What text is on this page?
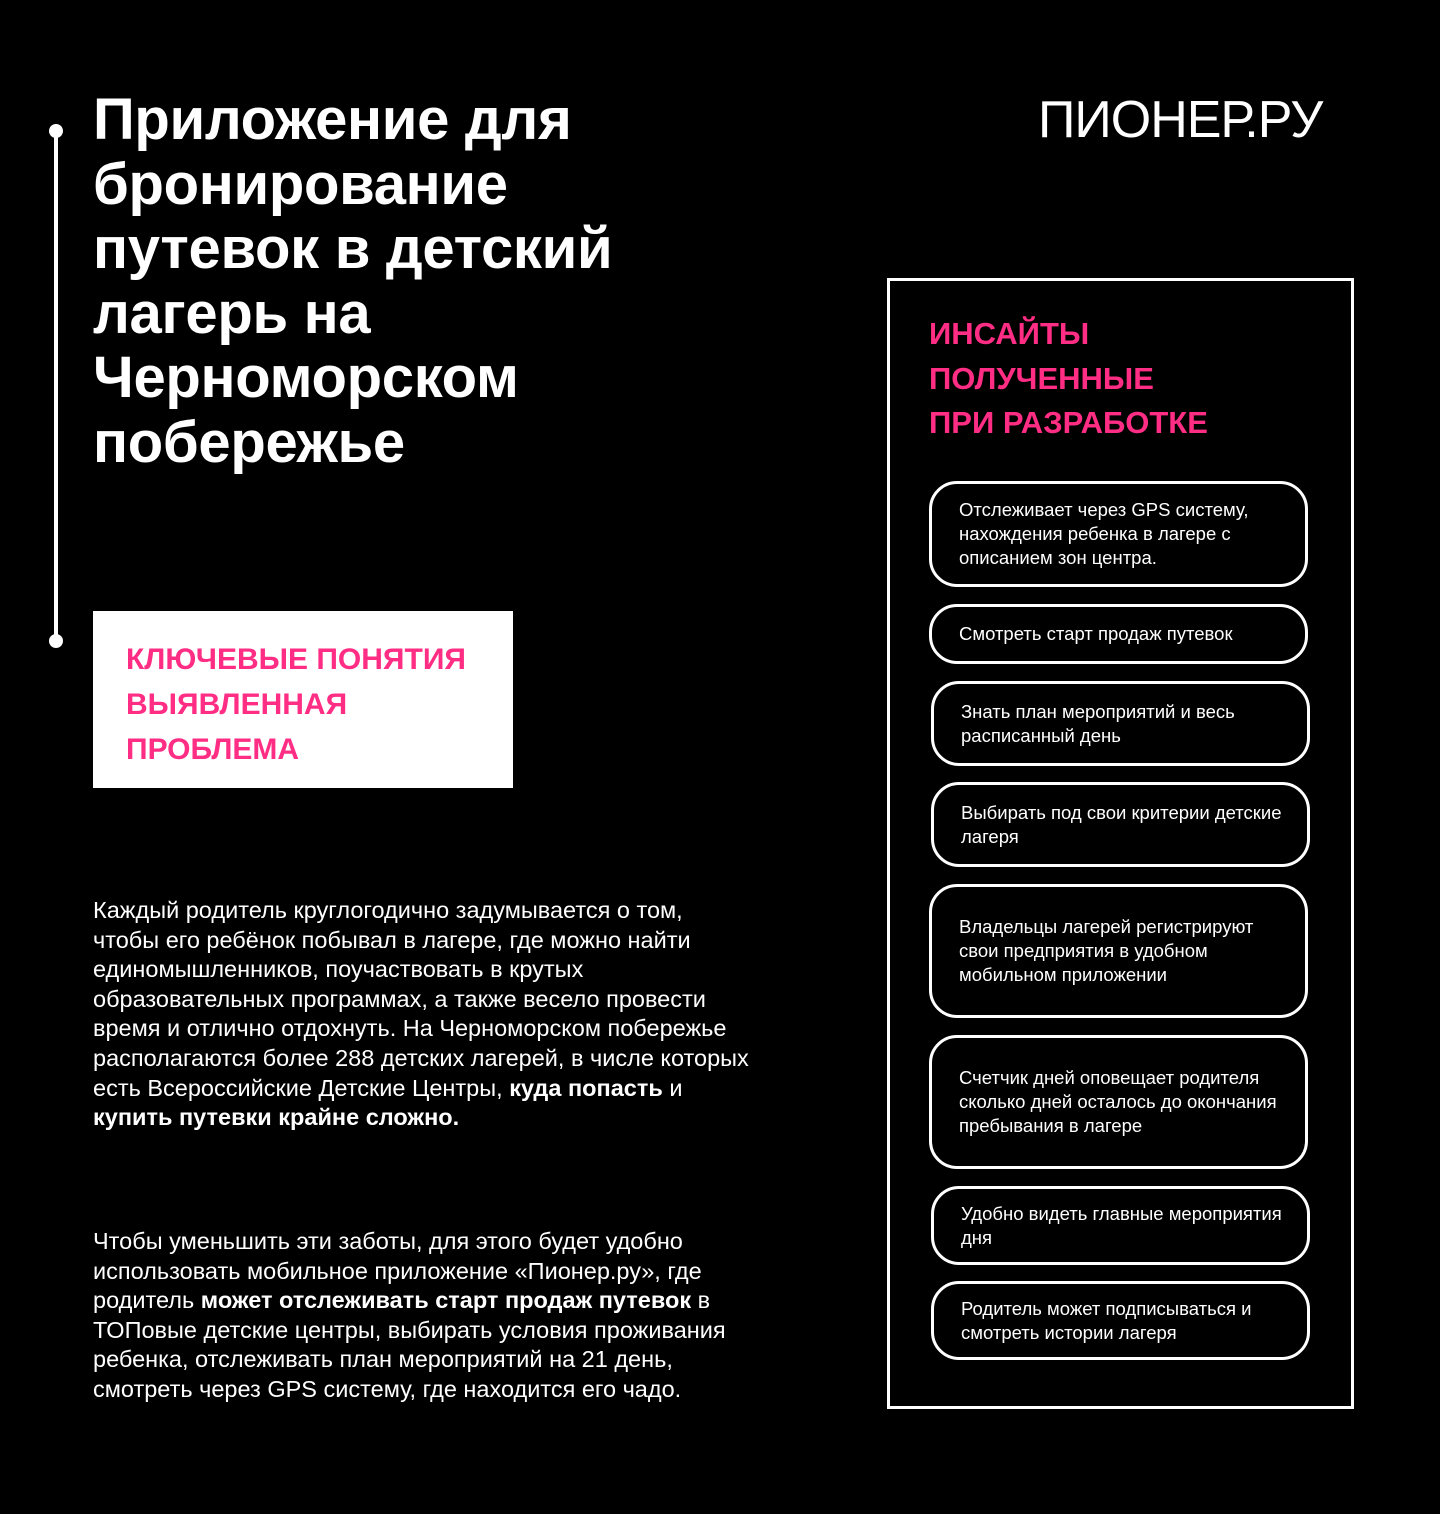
Приложение для
бронирование
путевок в детский
лагерь на
Черноморском
побережье
ПИОНЕР.РУ
КЛЮЧЕВЫЕ ПОНЯТИЯ
ВЫЯВЛЕННАЯ
ПРОБЛЕМА

Каждый родитель круглогодично задумывается о том, чтобы его ребёнок побывал в лагере, где можно найти единомышленников, поучаствовать в крутых образовательных программах, а также весело провести время и отлично отдохнуть. На Черноморском побережье располагаются более 288 детских лагерей, в числе которых есть Всероссийские Детские Центры, куда попасть и купить путевки крайне сложно.

Чтобы уменьшить эти заботы, для этого будет удобно использовать мобильное приложение «Пионер.ру», где родитель может отслеживать старт продаж путевок в ТОПовые детские центры, выбирать условия проживания ребенка, отслеживать план мероприятий на 21 день, смотреть через GPS систему, где находится его чадо.

ИНСАЙТЫ
ПОЛУЧЕННЫЕ
ПРИ РАЗРАБОТКЕ
Отслеживает через GPS систему, нахождения ребенка в лагере с описанием зон центра.
Смотреть старт продаж путевок
Знать план мероприятий и весь расписанный день
Выбирать под свои критерии детские лагеря
Владельцы лагерей регистрируют свои предприятия в удобном мобильном приложении
Счетчик дней оповещает родителя сколько дней осталось до окончания пребывания в лагере
Удобно видеть главные мероприятия дня
Родитель может подписываться и смотреть истории лагеря
